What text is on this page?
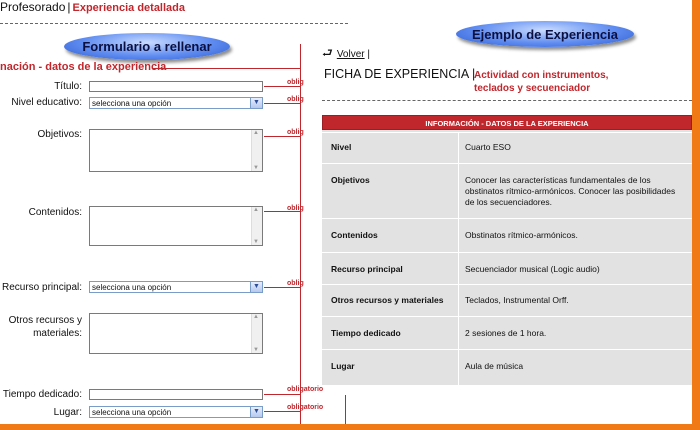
Profesorado | Experiencia detallada
Formulario a rellenar
Ejemplo de Experiencia
nación - datos de la experiencia
Título:	oblig
Nivel educativo:	selecciona una opción	▼	oblig
Objetivos: ▲ ▼	oblig
Contenidos: ▲ ▼	oblig
Recurso principal:	selecciona una opción	▼	oblig
Otros recursos y materiales:
▲ ▼
Tiempo dedicado:	obligatorio
Lugar:	selecciona una opción	▼
obligatorio
⮐ Volver |
FICHA DE EXPERIENCIA |
Actividad con instrumentos,
teclados y secuenciador
INFORMACIÓN - DATOS DE LA EXPERIENCIA
Nivel	Cuarto ESO
Objetivos	Conocer las características fundamentales de los obstinatos rítmico-armónicos. Conocer las posibilidades de los secuenciadores.
Contenidos	Obstinatos rítmico-armónicos.
Recurso principal	Secuenciador musical (Logic audio)
Otros recursos y materiales	Teclados, Instrumental Orff.
Tiempo dedicado	2 sesiones de 1 hora.
Lugar	Aula de música
